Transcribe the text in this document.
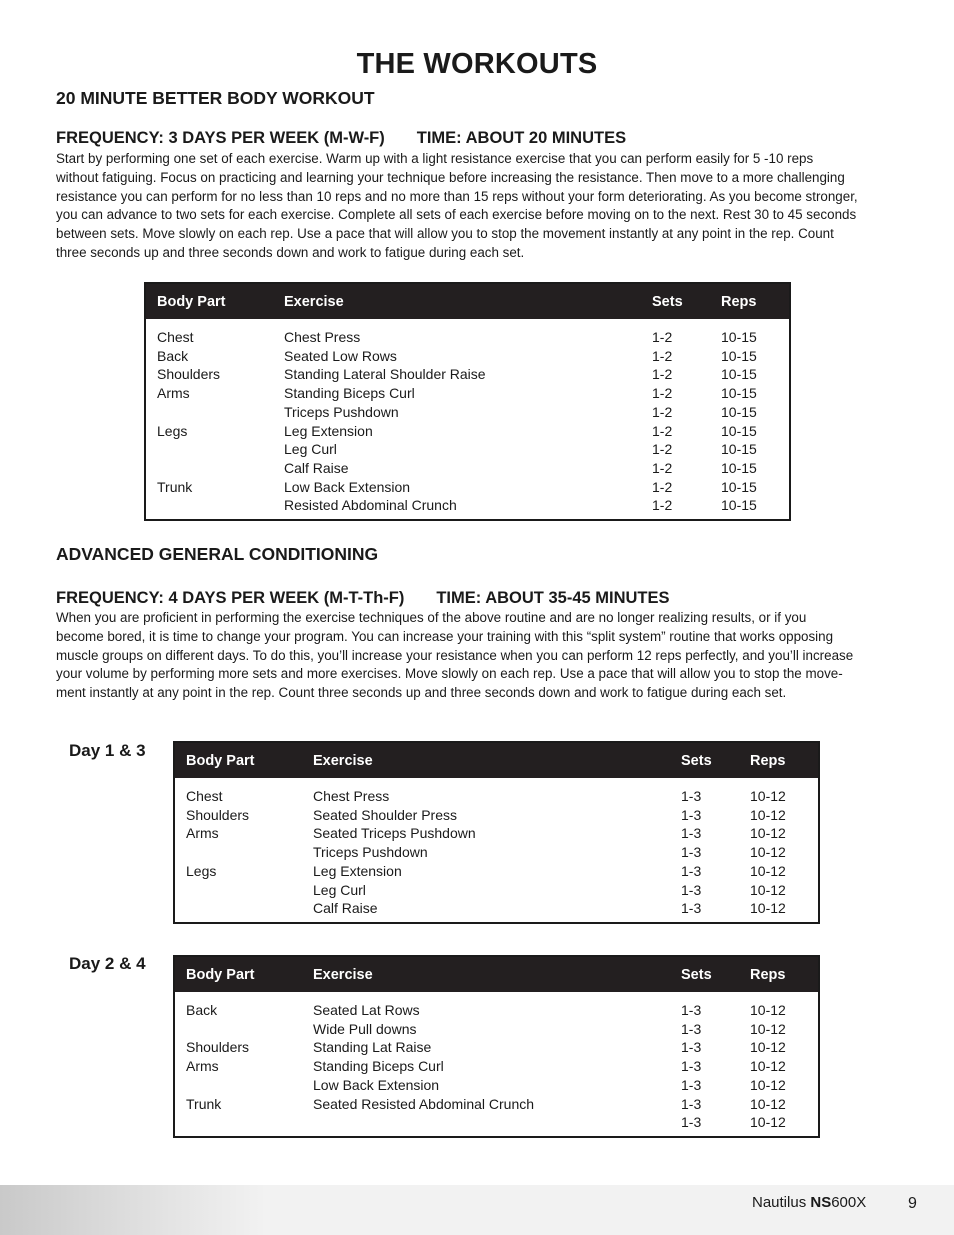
THE WORKOUTS
20 MINUTE BETTER BODY WORKOUT
FREQUENCY: 3 DAYS PER WEEK (M-W-F) TIME: ABOUT 20 MINUTES
Start by performing one set of each exercise. Warm up with a light resistance exercise that you can perform easily for 5 -10 reps
without fatiguing. Focus on practicing and learning your technique before increasing the resistance. Then move to a more challenging
resistance you can perform for no less than 10 reps and no more than 15 reps without your form deteriorating. As you become stronger,
you can advance to two sets for each exercise. Complete all sets of each exercise before moving on to the next. Rest 30 to 45 seconds
between sets. Move slowly on each rep. Use a pace that will allow you to stop the movement instantly at any point in the rep. Count
three seconds up and three seconds down and work to fatigue during each set.
Body Part	Exercise	Sets	Reps
Chest	Chest Press	1-2	10-15
Back	Seated Low Rows	1-2	10-15
Shoulders	Standing Lateral Shoulder Raise	1-2	10-15
Arms	Standing Biceps Curl	1-2	10-15
	Triceps Pushdown	1-2	10-15
Legs	Leg Extension	1-2	10-15
	Leg Curl	1-2	10-15
	Calf Raise	1-2	10-15
Trunk	Low Back Extension	1-2	10-15
	Resisted Abdominal Crunch	1-2	10-15
ADVANCED GENERAL CONDITIONING
FREQUENCY: 4 DAYS PER WEEK (M-T-Th-F) TIME: ABOUT 35-45 MINUTES
When you are proficient in performing the exercise techniques of the above routine and are no longer realizing results, or if you
become bored, it is time to change your program. You can increase your training with this “split system” routine that works opposing
muscle groups on different days. To do this, you’ll increase your resistance when you can perform 12 reps perfectly, and you’ll increase
your volume by performing more sets and more exercises. Move slowly on each rep. Use a pace that will allow you to stop the move-
ment instantly at any point in the rep. Count three seconds up and three seconds down and work to fatigue during each set.
Day 1 & 3
Body Part	Exercise	Sets	Reps
Chest	Chest Press	1-3	10-12
Shoulders	Seated Shoulder Press	1-3	10-12
Arms	Seated Triceps Pushdown	1-3	10-12
	Triceps Pushdown	1-3	10-12
Legs	Leg Extension	1-3	10-12
	Leg Curl	1-3	10-12
	Calf Raise	1-3	10-12
Day 2 & 4
Body Part	Exercise	Sets	Reps
Back	Seated Lat Rows	1-3	10-12
	Wide Pull downs	1-3	10-12
Shoulders	Standing Lat Raise	1-3	10-12
Arms	Standing Biceps Curl	1-3	10-12
	Low Back Extension	1-3	10-12
Trunk	Seated Resisted Abdominal Crunch	1-3	10-12
		1-3	10-12
Nautilus NS600X	9
